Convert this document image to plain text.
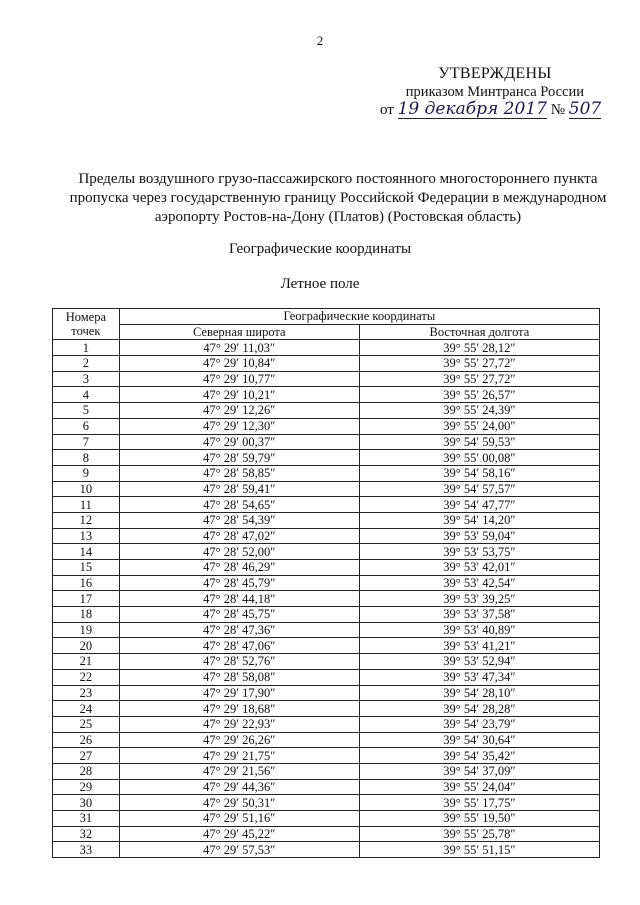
2
УТВЕРЖДЕНЫ
приказом Минтранса России
от 19 декабря 2017 № 507
Пределы воздушного грузо-пассажирского постоянного многостороннего пункта пропуска через государственную границу Российской Федерации в международном аэропорту Ростов-на-Дону (Платов) (Ростовская область)
Географические координаты
Летное поле
Номера точек	Географические координаты	
	Северная широта	Восточная долгота
1	47° 29′ 11,03″	39° 55′ 28,12″
2	47° 29′ 10,84″	39° 55′ 27,72″
3	47° 29′ 10,77″	39° 55′ 27,72″
4	47° 29′ 10,21″	39° 55′ 26,57″
5	47° 29′ 12,26″	39° 55′ 24,39″
6	47° 29′ 12,30″	39° 55′ 24,00″
7	47° 29′ 00,37″	39° 54′ 59,53″
8	47° 28′ 59,79″	39° 55′ 00,08″
9	47° 28′ 58,85″	39° 54′ 58,16″
10	47° 28′ 59,41″	39° 54′ 57,57″
11	47° 28′ 54,65″	39° 54′ 47,77″
12	47° 28′ 54,39″	39° 54′ 14,20″
13	47° 28′ 47,02″	39° 53′ 59,04″
14	47° 28′ 52,00″	39° 53′ 53,75″
15	47° 28′ 46,29″	39° 53′ 42,01″
16	47° 28′ 45,79″	39° 53′ 42,54″
17	47° 28′ 44,18″	39° 53′ 39,25″
18	47° 28′ 45,75″	39° 53′ 37,58″
19	47° 28′ 47,36″	39° 53′ 40,89″
20	47° 28′ 47,06″	39° 53′ 41,21″
21	47° 28′ 52,76″	39° 53′ 52,94″
22	47° 28′ 58,08″	39° 53′ 47,34″
23	47° 29′ 17,90″	39° 54′ 28,10″
24	47° 29′ 18,68″	39° 54′ 28,28″
25	47° 29′ 22,93″	39° 54′ 23,79″
26	47° 29′ 26,26″	39° 54′ 30,64″
27	47° 29′ 21,75″	39° 54′ 35,42″
28	47° 29′ 21,56″	39° 54′ 37,09″
29	47° 29′ 44,36″	39° 55′ 24,04″
30	47° 29′ 50,31″	39° 55′ 17,75″
31	47° 29′ 51,16″	39° 55′ 19,50″
32	47° 29′ 45,22″	39° 55′ 25,78″
33	47° 29′ 57,53″	39° 55′ 51,15″
